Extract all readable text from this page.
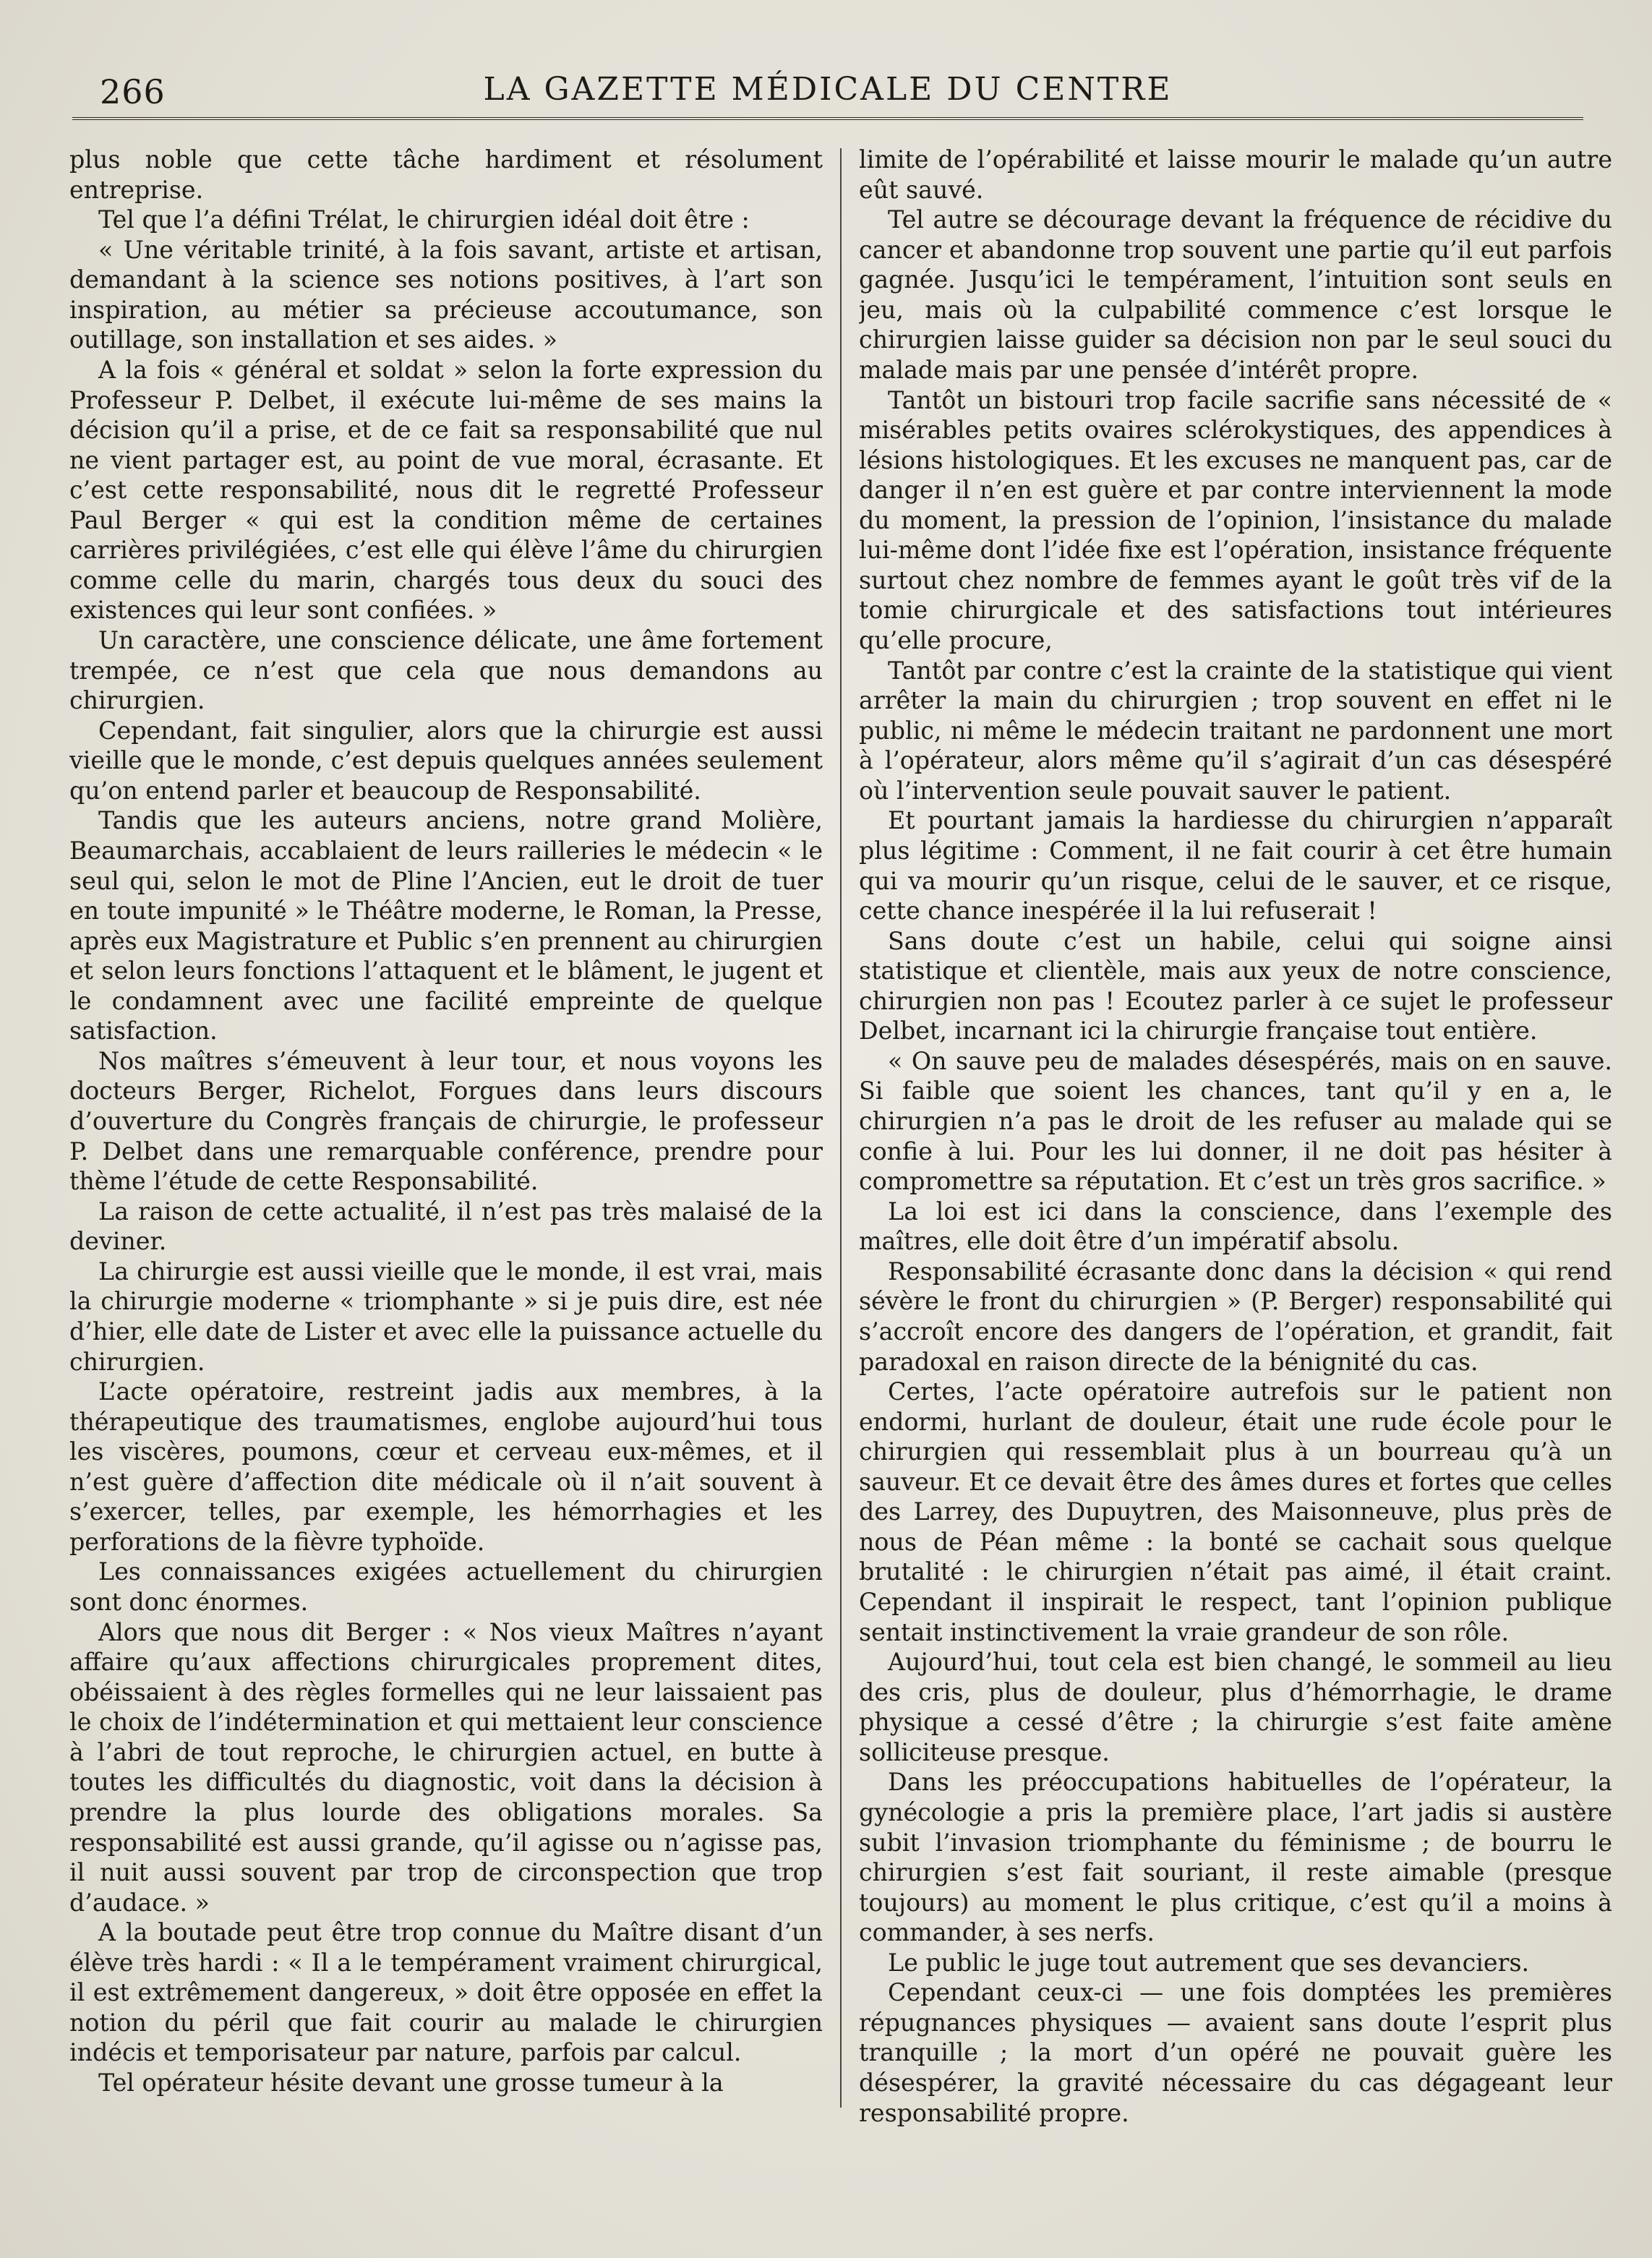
266	LA GAZETTE MÉDICALE DU CENTRE

plus noble que cette tâche hardiment et résolument entreprise.

Tel que l’a défini Trélat, le chirurgien idéal doit être :

« Une véritable trinité, à la fois savant, artiste et artisan, demandant à la science ses notions positives, à l’art son inspiration, au métier sa précieuse accoutumance, son outillage, son installation et ses aides. »

A la fois « général et soldat » selon la forte expression du Professeur P. Delbet, il exécute lui-même de ses mains la décision qu’il a prise, et de ce fait sa responsabilité que nul ne vient partager est, au point de vue moral, écrasante. Et c’est cette responsabilité, nous dit le regretté Professeur Paul Berger « qui est la condition même de certaines carrières privilégiées, c’est elle qui élève l’âme du chirurgien comme celle du marin, chargés tous deux du souci des existences qui leur sont confiées. »

Un caractère, une conscience délicate, une âme fortement trempée, ce n’est que cela que nous demandons au chirurgien.

Cependant, fait singulier, alors que la chirurgie est aussi vieille que le monde, c’est depuis quelques années seulement qu’on entend parler et beaucoup de Responsabilité.

Tandis que les auteurs anciens, notre grand Molière, Beaumarchais, accablaient de leurs railleries le médecin « le seul qui, selon le mot de Pline l’Ancien, eut le droit de tuer en toute impunité » le Théâtre moderne, le Roman, la Presse, après eux Magistrature et Public s’en prennent au chirurgien et selon leurs fonctions l’attaquent et le blâment, le jugent et le condamnent avec une facilité empreinte de quelque satisfaction.

Nos maîtres s’émeuvent à leur tour, et nous voyons les docteurs Berger, Richelot, Forgues dans leurs discours d’ouverture du Congrès français de chirurgie, le professeur P. Delbet dans une remarquable conférence, prendre pour thème l’étude de cette Responsabilité.

La raison de cette actualité, il n’est pas très malaisé de la deviner.

La chirurgie est aussi vieille que le monde, il est vrai, mais la chirurgie moderne « triomphante » si je puis dire, est née d’hier, elle date de Lister et avec elle la puissance actuelle du chirurgien.

L’acte opératoire, restreint jadis aux membres, à la thérapeutique des traumatismes, englobe aujourd’hui tous les viscères, poumons, cœur et cerveau eux-mêmes, et il n’est guère d’affection dite médicale où il n’ait souvent à s’exercer, telles, par exemple, les hémorrhagies et les perforations de la fièvre typhoïde.

Les connaissances exigées actuellement du chirurgien sont donc énormes.

Alors que nous dit Berger : « Nos vieux Maîtres n’ayant affaire qu’aux affections chirurgicales proprement dites, obéissaient à des règles formelles qui ne leur laissaient pas le choix de l’indétermination et qui mettaient leur conscience à l’abri de tout reproche, le chirurgien actuel, en butte à toutes les difficultés du diagnostic, voit dans la décision à prendre la plus lourde des obligations morales. Sa responsabilité est aussi grande, qu’il agisse ou n’agisse pas, il nuit aussi souvent par trop de circonspection que trop d’audace. »

A la boutade peut être trop connue du Maître disant d’un élève très hardi : « Il a le tempérament vraiment chirurgical, il est extrêmement dangereux, » doit être opposée en effet la notion du péril que fait courir au malade le chirurgien indécis et temporisateur par nature, parfois par calcul.

Tel opérateur hésite devant une grosse tumeur à la

limite de l’opérabilité et laisse mourir le malade qu’un autre eût sauvé.

Tel autre se décourage devant la fréquence de récidive du cancer et abandonne trop souvent une partie qu’il eut parfois gagnée. Jusqu’ici le tempérament, l’intuition sont seuls en jeu, mais où la culpabilité commence c’est lorsque le chirurgien laisse guider sa décision non par le seul souci du malade mais par une pensée d’intérêt propre.

Tantôt un bistouri trop facile sacrifie sans nécessité de « misérables petits ovaires sclérokystiques, des appendices à lésions histologiques. Et les excuses ne manquent pas, car de danger il n’en est guère et par contre interviennent la mode du moment, la pression de l’opinion, l’insistance du malade lui-même dont l’idée fixe est l’opération, insistance fréquente surtout chez nombre de femmes ayant le goût très vif de la tomie chirurgicale et des satisfactions tout intérieures qu’elle procure,

Tantôt par contre c’est la crainte de la statistique qui vient arrêter la main du chirurgien ; trop souvent en effet ni le public, ni même le médecin traitant ne pardonnent une mort à l’opérateur, alors même qu’il s’agirait d’un cas désespéré où l’intervention seule pouvait sauver le patient.

Et pourtant jamais la hardiesse du chirurgien n’apparaît plus légitime : Comment, il ne fait courir à cet être humain qui va mourir qu’un risque, celui de le sauver, et ce risque, cette chance inespérée il la lui refuserait !

Sans doute c’est un habile, celui qui soigne ainsi statistique et clientèle, mais aux yeux de notre conscience, chirurgien non pas ! Ecoutez parler à ce sujet le professeur Delbet, incarnant ici la chirurgie française tout entière.

« On sauve peu de malades désespérés, mais on en sauve. Si faible que soient les chances, tant qu’il y en a, le chirurgien n’a pas le droit de les refuser au malade qui se confie à lui. Pour les lui donner, il ne doit pas hésiter à compromettre sa réputation. Et c’est un très gros sacrifice. »

La loi est ici dans la conscience, dans l’exemple des maîtres, elle doit être d’un impératif absolu.

Responsabilité écrasante donc dans la décision « qui rend sévère le front du chirurgien » (P. Berger) responsabilité qui s’accroît encore des dangers de l’opération, et grandit, fait paradoxal en raison directe de la bénignité du cas.

Certes, l’acte opératoire autrefois sur le patient non endormi, hurlant de douleur, était une rude école pour le chirurgien qui ressemblait plus à un bourreau qu’à un sauveur. Et ce devait être des âmes dures et fortes que celles des Larrey, des Dupuytren, des Maisonneuve, plus près de nous de Péan même : la bonté se cachait sous quelque brutalité : le chirurgien n’était pas aimé, il était craint. Cependant il inspirait le respect, tant l’opinion publique sentait instinctivement la vraie grandeur de son rôle.

Aujourd’hui, tout cela est bien changé, le sommeil au lieu des cris, plus de douleur, plus d’hémorrhagie, le drame physique a cessé d’être ; la chirurgie s’est faite amène solliciteuse presque.

Dans les préoccupations habituelles de l’opérateur, la gynécologie a pris la première place, l’art jadis si austère subit l’invasion triomphante du féminisme ; de bourru le chirurgien s’est fait souriant, il reste aimable (presque toujours) au moment le plus critique, c’est qu’il a moins à commander, à ses nerfs.

Le public le juge tout autrement que ses devanciers.

Cependant ceux-ci — une fois domptées les premières répugnances physiques — avaient sans doute l’esprit plus tranquille ; la mort d’un opéré ne pouvait guère les désespérer, la gravité nécessaire du cas dégageant leur responsabilité propre.
